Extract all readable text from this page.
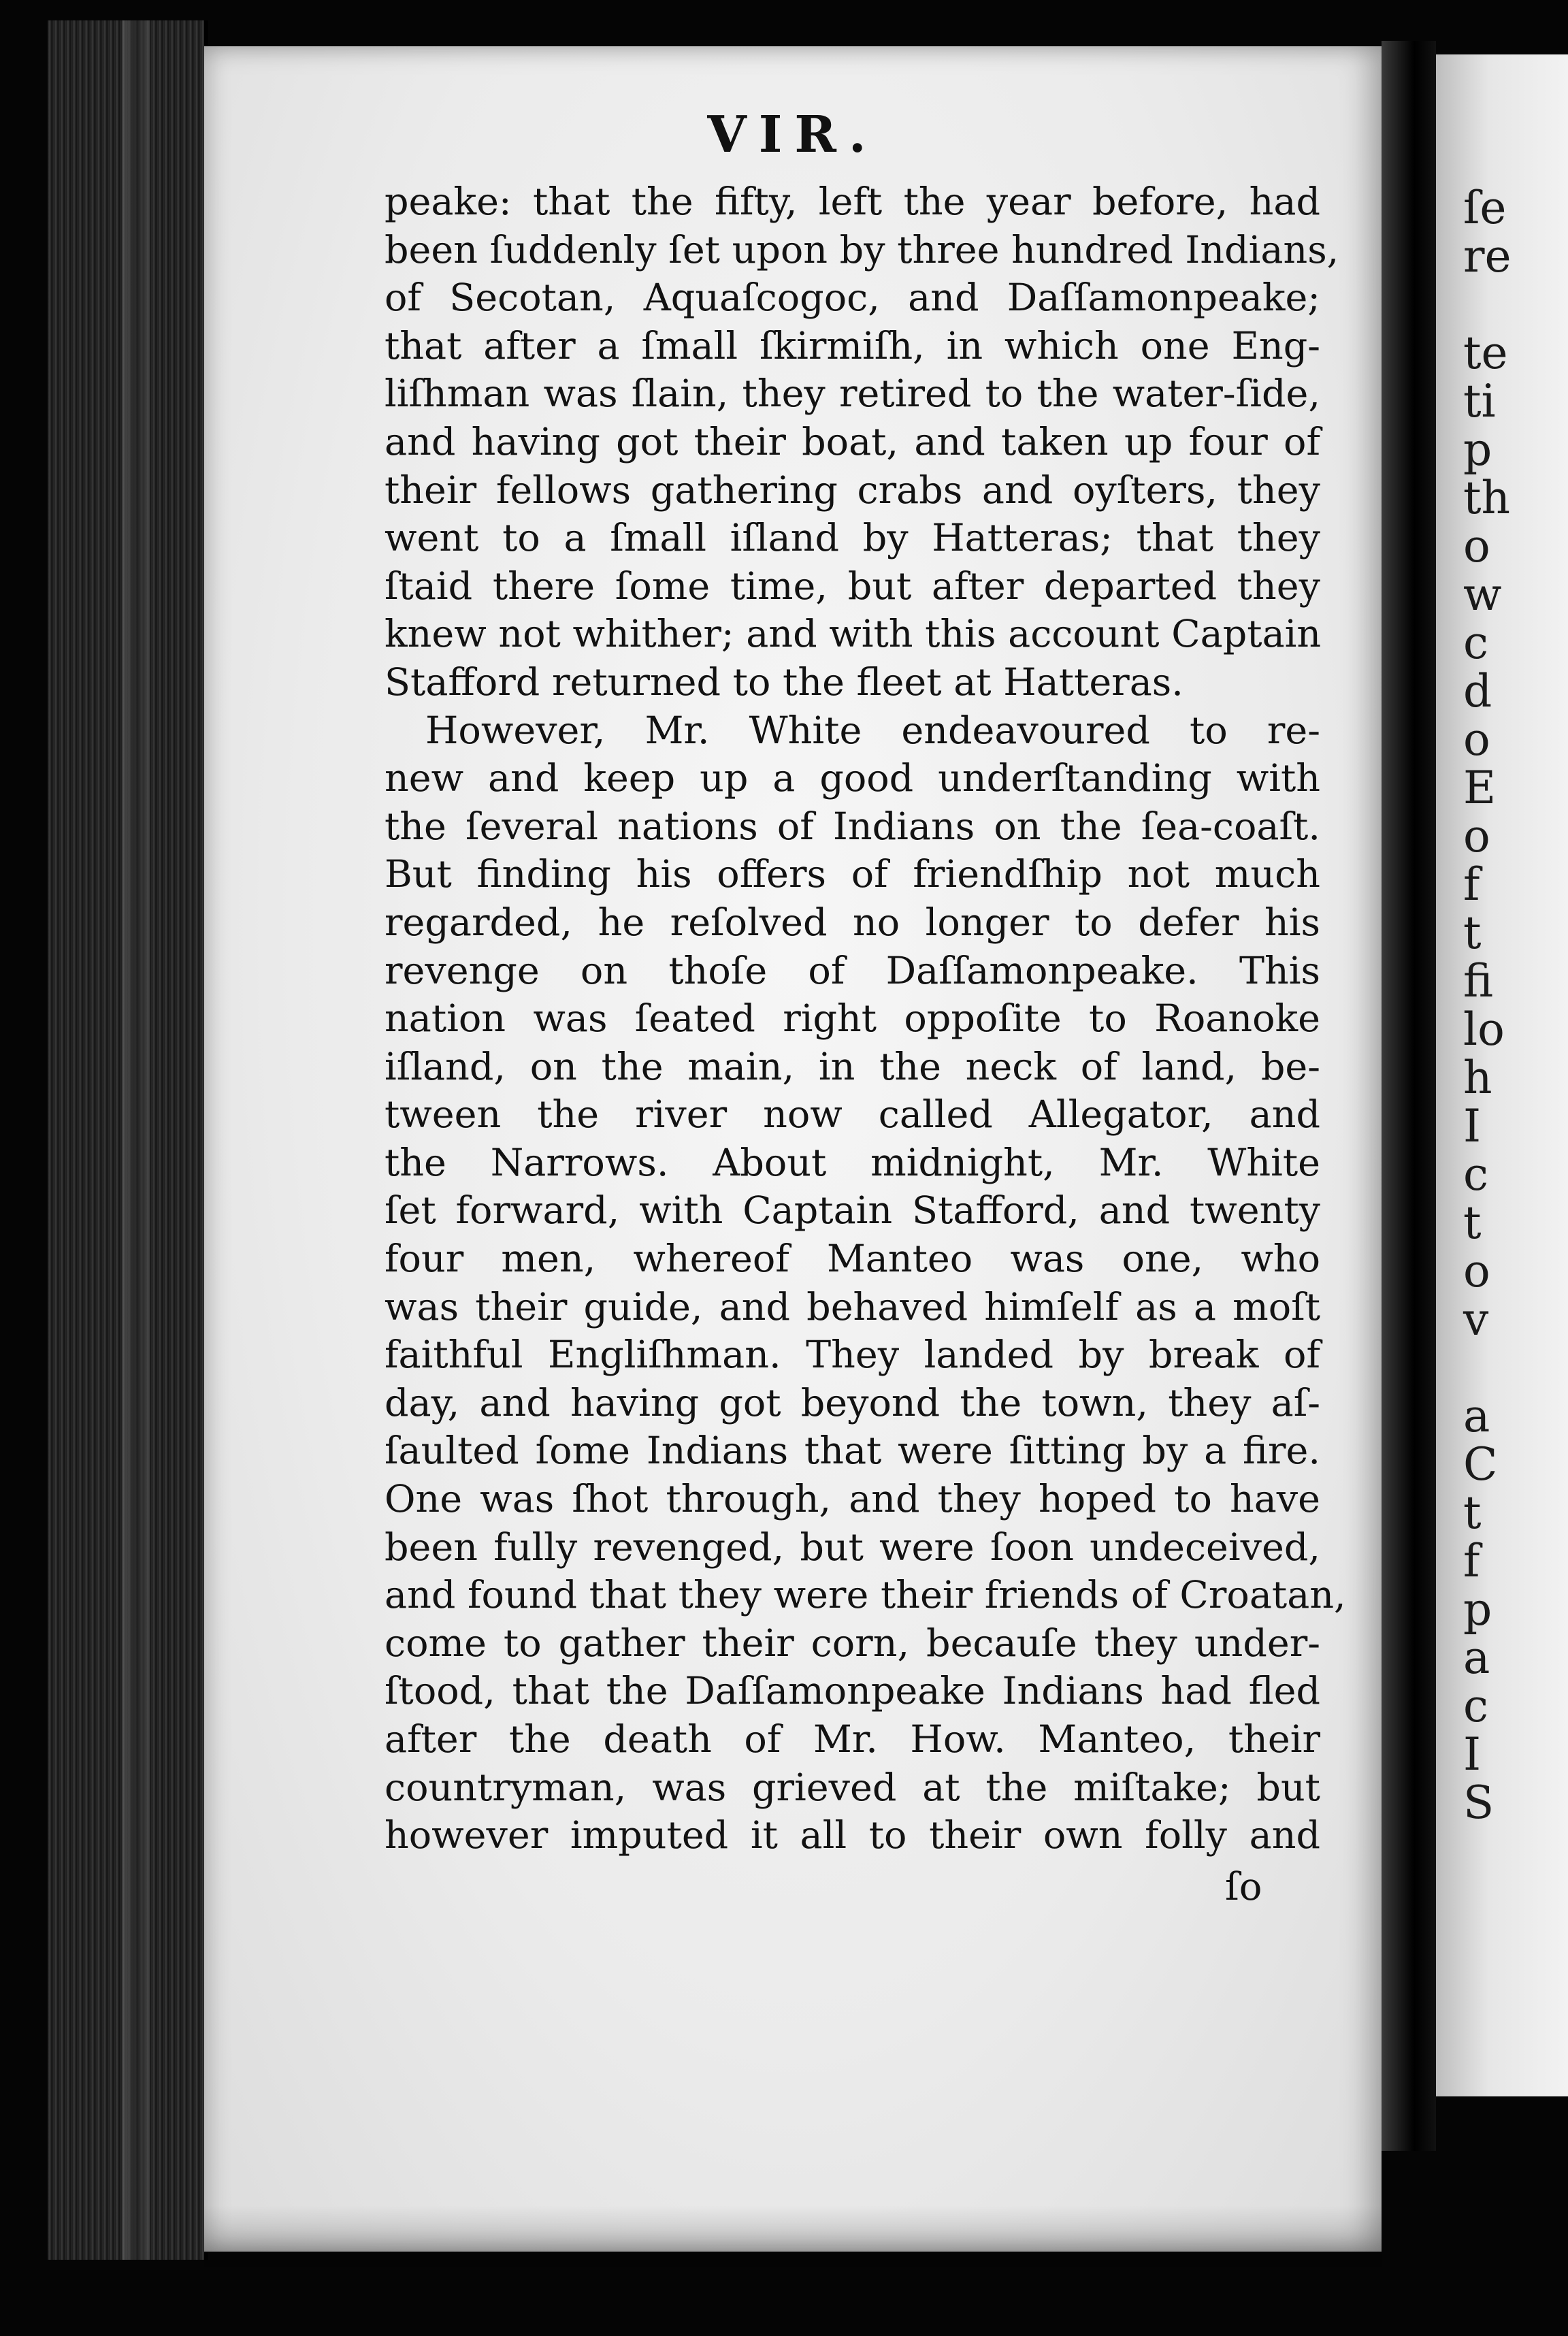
ſe
re
te
ti
p
th
o
w
c
d
o
E
o
f
t
fi
lo
h
I
c
t
o
v
a
C
t
f
p
a
c
I
S
VIR.
peake: that the fifty, left the year before, had
been ſuddenly ſet upon by three hundred Indians,
of Secotan, Aquaſcogoc, and Daſſamonpeake;
that after a ſmall ſkirmiſh, in which one Eng-
liſhman was ſlain, they retired to the water-ſide,
and having got their boat, and taken up four of
their fellows gathering crabs and oyſters, they
went to a ſmall iſland by Hatteras; that they
ſtaid there ſome time, but after departed they
knew not whither; and with this account Captain
Stafford returned to the fleet at Hatteras.
However, Mr. White endeavoured to re-
new and keep up a good underſtanding with
the ſeveral nations of Indians on the ſea-coaſt.
But finding his offers of friendſhip not much
regarded, he reſolved no longer to defer his
revenge on thoſe of Daſſamonpeake. This
nation was ſeated right oppoſite to Roanoke
iſland, on the main, in the neck of land, be-
tween the river now called Allegator, and
the Narrows. About midnight, Mr. White
ſet forward, with Captain Stafford, and twenty
four men, whereof Manteo was one, who
was their guide, and behaved himſelf as a moſt
faithful Engliſhman. They landed by break of
day, and having got beyond the town, they aſ-
ſaulted ſome Indians that were ſitting by a fire.
One was ſhot through, and they hoped to have
been fully revenged, but were ſoon undeceived,
and found that they were their friends of Croatan,
come to gather their corn, becauſe they under-
ſtood, that the Daſſamonpeake Indians had fled
after the death of Mr. How. Manteo, their
countryman, was grieved at the miſtake; but
however imputed it all to their own folly and

ſo
